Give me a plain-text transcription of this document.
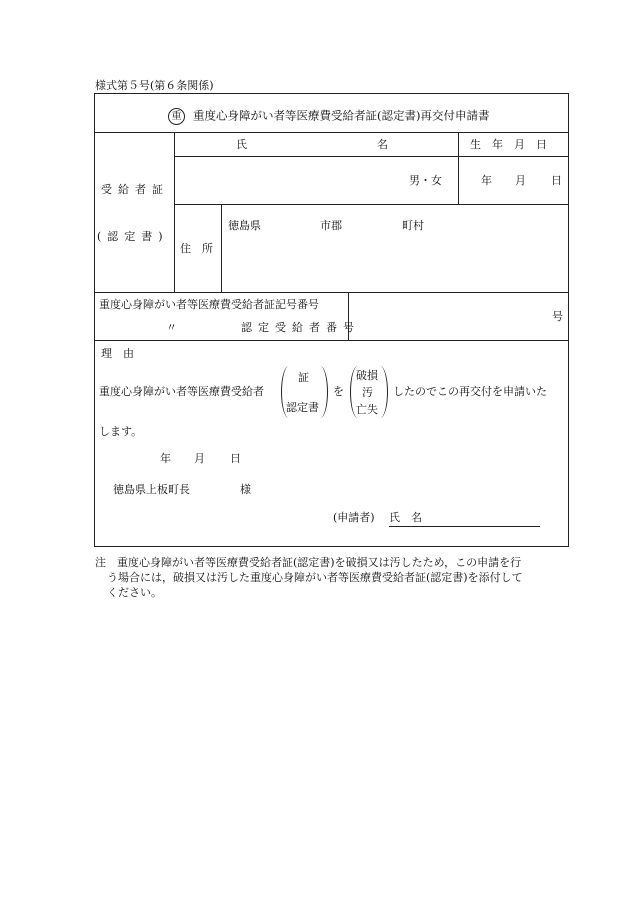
様式第５号(第６条関係)
重 重度心身障がい者等医療費受給者証(認定書)再交付申請書
受給者証
(認定書)
氏	名	生　年　月　日
男・女	年 月 日
住　所
徳島県	市郡	町村
重度心身障がい者等医療費受給者証記号番号
〃	認定受給者番号
号
理　由
重度心身障がい者等医療費受給者
証
認定書
を
破損
汚
亡失
したのでこの再交付を申請いた
します。
年 月 日
徳島県上板町長	様
(申請者) 氏　名
注　重度心身障がい者等医療費受給者証(認定書)を破損又は汚したため，この申請を行
う場合には，破損又は汚した重度心身障がい者等医療費受給者証(認定書)を添付して
ください。
